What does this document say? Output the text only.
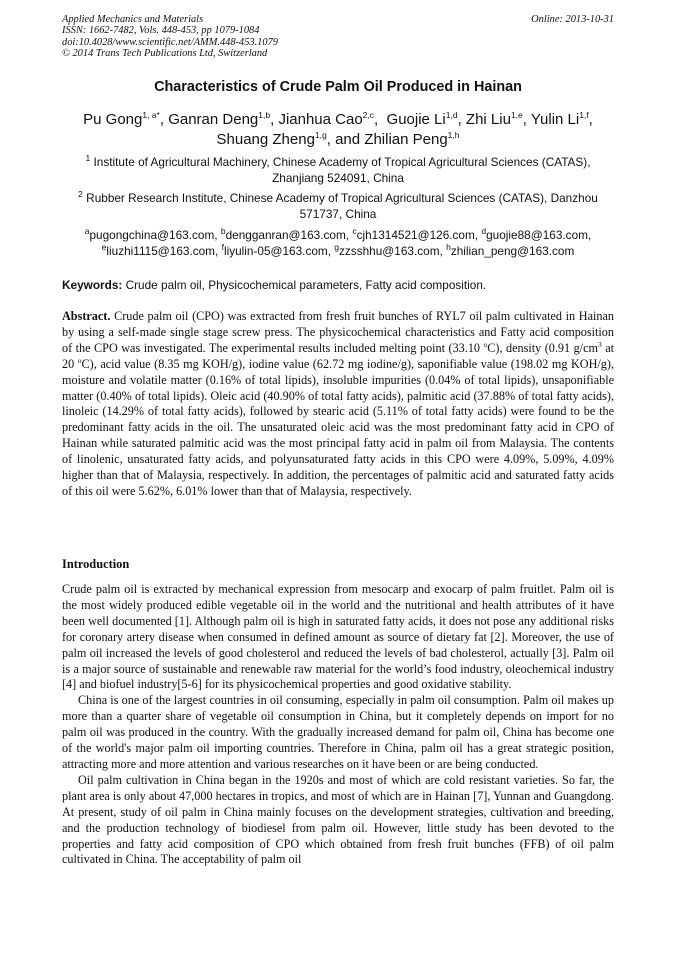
Applied Mechanics and Materials
ISSN: 1662-7482, Vols. 448-453, pp 1079-1084
doi:10.4028/www.scientific.net/AMM.448-453.1079
© 2014 Trans Tech Publications Ltd, Switzerland
Online: 2013-10-31
Characteristics of Crude Palm Oil Produced in Hainan
Pu Gong$^{1, a*}$, Ganran Deng$^{1,b}$, Jianhua Cao$^{2,c}$,  Guojie Li$^{1,d}$, Zhi Liu$^{1,e}$, Yulin Li$^{1,f}$,
Shuang Zheng$^{1,g}$, and Zhilian Peng$^{1,h}$
$^1$ Institute of Agricultural Machinery, Chinese Academy of Tropical Agricultural Sciences (CATAS), Zhanjiang 524091, China
$^2$ Rubber Research Institute, Chinese Academy of Tropical Agricultural Sciences (CATAS), Danzhou 571737, China
$^a$pugongchina@163.com, $^b$dengganran@163.com, $^c$cjh1314521@126.com, $^d$guojie88@163.com,
$^e$liuzhi1115@163.com, $^f$liyulin-05@163.com, $^g$zzsshhu@163.com, $^h$zhilian_peng@163.com
Keywords: Crude palm oil, Physicochemical parameters, Fatty acid composition.
Abstract. Crude palm oil (CPO) was extracted from fresh fruit bunches of RYL7 oil palm cultivated in Hainan by using a self-made single stage screw press. The physicochemical characteristics and Fatty acid composition of the CPO was investigated. The experimental results included melting point (33.10 $^o$C), density (0.91 $g/cm^3$ at 20 $^o$C), acid value (8.35 mg KOH/g), iodine value (62.72 mg iodine/g), saponifiable value (198.02 mg KOH/g), moisture and volatile matter (0.16% of total lipids), insoluble impurities (0.04% of total lipids), unsaponifiable matter (0.40% of total lipids). Oleic acid (40.90% of total fatty acids), palmitic acid (37.88% of total fatty acids), linoleic (14.29% of total fatty acids), followed by stearic acid (5.11% of total fatty acids) were found to be the predominant fatty acids in the oil. The unsaturated oleic acid was the most predominant fatty acid in CPO of Hainan while saturated palmitic acid was the most principal fatty acid in palm oil from Malaysia. The contents of linolenic, unsaturated fatty acids, and polyunsaturated fatty acids in this CPO were 4.09%, 5.09%, 4.09% higher than that of Malaysia, respectively. In addition, the percentages of palmitic acid and saturated fatty acids of this oil were 5.62%, 6.01% lower than that of Malaysia, respectively.
Introduction

Crude palm oil is extracted by mechanical expression from mesocarp and exocarp of palm fruitlet. Palm oil is the most widely produced edible vegetable oil in the world and the nutritional and health attributes of it have been well documented [1]. Although palm oil is high in saturated fatty acids, it does not pose any additional risks for coronary artery disease when consumed in defined amount as source of dietary fat [2]. Moreover, the use of palm oil increased the levels of good cholesterol and reduced the levels of bad cholesterol, actually [3]. Palm oil is a major source of sustainable and renewable raw material for the world’s food industry, oleochemical industry [4] and biofuel industry[5-6] for its physicochemical properties and good oxidative stability.

China is one of the largest countries in oil consuming, especially in palm oil consumption. Palm oil makes up more than a quarter share of vegetable oil consumption in China, but it completely depends on import for no palm oil was produced in the country. With the gradually increased demand for palm oil, China has become one of the world's major palm oil importing countries. Therefore in China, palm oil has a great strategic position, attracting more and more attention and various researches on it have been or are being conducted.

Oil palm cultivation in China began in the 1920s and most of which are cold resistant varieties. So far, the plant area is only about 47,000 hectares in tropics, and most of which are in Hainan [7], Yunnan and Guangdong. At present, study of oil palm in China mainly focuses on the development strategies, cultivation and breeding, and the production technology of biodiesel from palm oil. However, little study has been devoted to the properties and fatty acid composition of CPO which obtained from fresh fruit bunches (FFB) of oil palm cultivated in China. The acceptability of palm oil
